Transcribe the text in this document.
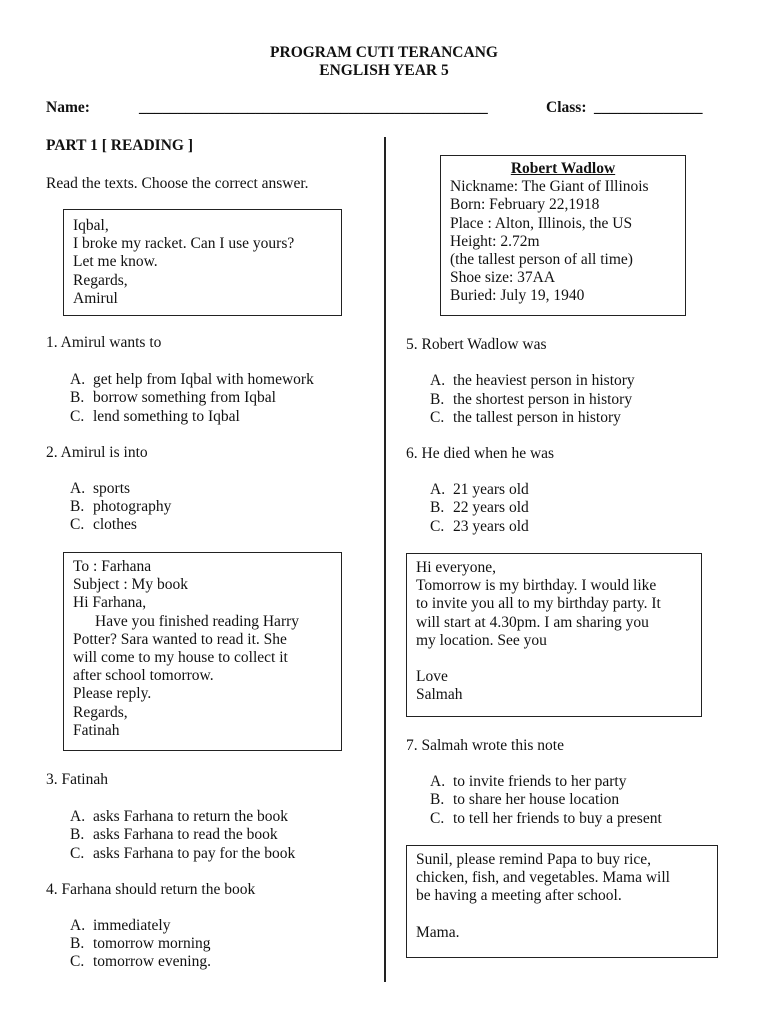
PROGRAM CUTI TERANCANG
ENGLISH YEAR 5
Name:	_____________________________________________	Class: ______________
PART 1 [ READING ]
Read the texts. Choose the correct answer.
Iqbal,
I broke my racket. Can I use yours?
Let me know.
Regards,
Amirul
1. Amirul wants to
A. get help from Iqbal with homework
B. borrow something from Iqbal
C. lend something to Iqbal
2. Amirul is into
A. sports
B. photography
C. clothes
To : Farhana
Subject : My book
Hi Farhana,
Have you finished reading Harry
Potter? Sara wanted to read it. She
will come to my house to collect it
after school tomorrow.
Please reply.
Regards,
Fatinah
3. Fatinah
A. asks Farhana to return the book
B. asks Farhana to read the book
C. asks Farhana to pay for the book
4. Farhana should return the book
A. immediately
B. tomorrow morning
C. tomorrow evening.
Robert Wadlow
Nickname: The Giant of Illinois
Born: February 22,1918
Place : Alton, Illinois, the US
Height: 2.72m
(the tallest person of all time)
Shoe size: 37AA
Buried: July 19, 1940
5. Robert Wadlow was
A. the heaviest person in history
B. the shortest person in history
C. the tallest person in history
6. He died when he was
A. 21 years old
B. 22 years old
C. 23 years old
Hi everyone,
Tomorrow is my birthday. I would like
to invite you all to my birthday party. It
will start at 4.30pm. I am sharing you
my location. See you
Love
Salmah
7. Salmah wrote this note
A. to invite friends to her party
B. to share her house location
C. to tell her friends to buy a present
Sunil, please remind Papa to buy rice,
chicken, fish, and vegetables. Mama will
be having a meeting after school.
Mama.
